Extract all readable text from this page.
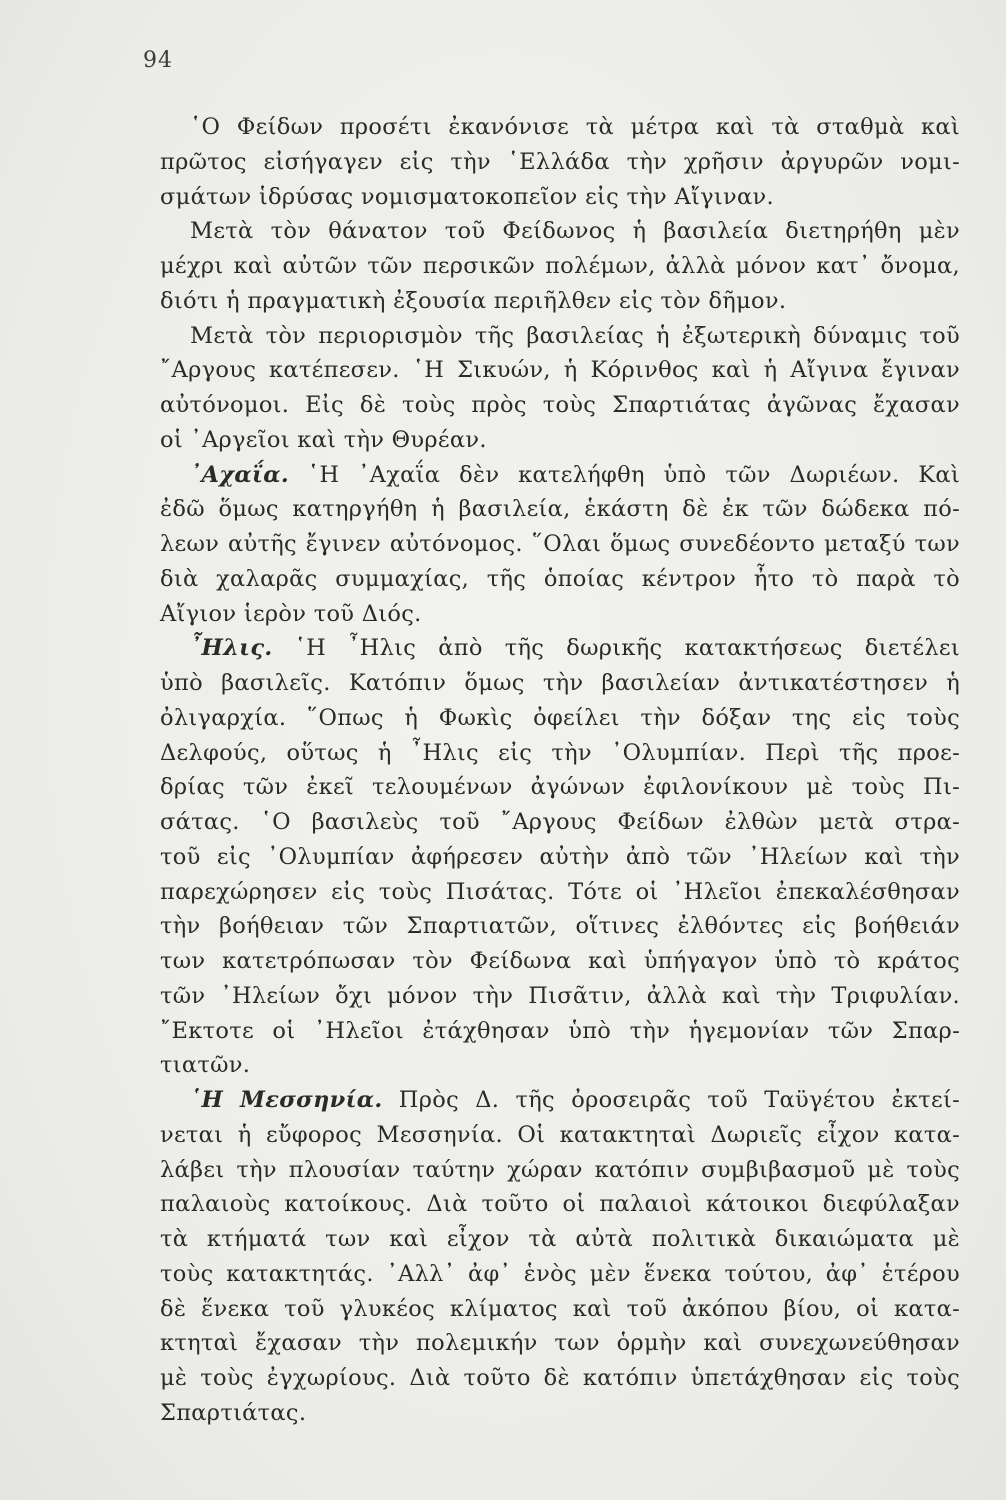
94
῾Ο Φείδων προσέτι ἐκανόνισε τὰ μέτρα καὶ τὰ σταθμὰ καὶ
πρῶτος εἰσήγαγεν εἰς τὴν ῾Ελλάδα τὴν χρῆσιν ἀργυρῶν νομι-
σμάτων ἱδρύσας νομισματοκοπεῖον εἰς τὴν Αἴγιναν.
Μετὰ τὸν θάνατον τοῦ Φείδωνος ἡ βασιλεία διετηρήθη μὲν
μέχρι καὶ αὐτῶν τῶν περσικῶν πολέμων, ἀλλὰ μόνον κατ᾽ ὄνομα,
διότι ἡ πραγματικὴ ἐξουσία περιῆλθεν εἰς τὸν δῆμον.
Μετὰ τὸν περιορισμὸν τῆς βασιλείας ἡ ἐξωτερικὴ δύναμις τοῦ
῎Αργους κατέπεσεν. ῾Η Σικυών, ἡ Κόρινθος καὶ ἡ Αἴγινα ἔγιναν
αὐτόνομοι. Εἰς δὲ τοὺς πρὸς τοὺς Σπαρτιάτας ἀγῶνας ἔχασαν
οἱ ᾿Αργεῖοι καὶ τὴν Θυρέαν.
᾿Αχαΐα. ῾Η ᾿Αχαΐα δὲν κατελήφθη ὑπὸ τῶν Δωριέων. Καὶ
ἐδῶ ὅμως κατηργήθη ἡ βασιλεία, ἑκάστη δὲ ἐκ τῶν δώδεκα πό-
λεων αὐτῆς ἔγινεν αὐτόνομος. ῞Ολαι ὅμως συνεδέοντο μεταξύ των
διὰ χαλαρᾶς συμμαχίας, τῆς ὁποίας κέντρον ἦτο τὸ παρὰ τὸ
Αἴγιον ἱερὸν τοῦ Διός.
῏Ηλις. ῾Η ῏Ηλις ἀπὸ τῆς δωρικῆς κατακτήσεως διετέλει
ὑπὸ βασιλεῖς. Κατόπιν ὅμως τὴν βασιλείαν ἀντικατέστησεν ἡ
ὀλιγαρχία. ῞Οπως ἡ Φωκὶς ὀφείλει τὴν δόξαν της εἰς τοὺς
Δελφούς, οὕτως ἡ ῏Ηλις εἰς τὴν ᾿Ολυμπίαν. Περὶ τῆς προε-
δρίας τῶν ἐκεῖ τελουμένων ἀγώνων ἐφιλονίκουν μὲ τοὺς Πι-
σάτας. ῾Ο βασιλεὺς τοῦ ῎Αργους Φείδων ἐλθὼν μετὰ στρα-
τοῦ εἰς ᾿Ολυμπίαν ἀφήρεσεν αὐτὴν ἀπὸ τῶν ᾿Ηλείων καὶ τὴν
παρεχώρησεν εἰς τοὺς Πισάτας. Τότε οἱ ᾿Ηλεῖοι ἐπεκαλέσθησαν
τὴν βοήθειαν τῶν Σπαρτιατῶν, οἵτινες ἐλθόντες εἰς βοήθειάν
των κατετρόπωσαν τὸν Φείδωνα καὶ ὑπήγαγον ὑπὸ τὸ κράτος
τῶν ᾿Ηλείων ὄχι μόνον τὴν Πισᾶτιν, ἀλλὰ καὶ τὴν Τριφυλίαν.
῎Εκτοτε οἱ ᾿Ηλεῖοι ἐτάχθησαν ὑπὸ τὴν ἡγεμονίαν τῶν Σπαρ-
τιατῶν.
῾Η Μεσσηνία. Πρὸς Δ. τῆς ὀροσειρᾶς τοῦ Ταϋγέτου ἐκτεί-
νεται ἡ εὔφορος Μεσσηνία. Οἱ κατακτηταὶ Δωριεῖς εἶχον κατα-
λάβει τὴν πλουσίαν ταύτην χώραν κατόπιν συμβιβασμοῦ μὲ τοὺς
παλαιοὺς κατοίκους. Διὰ τοῦτο οἱ παλαιοὶ κάτοικοι διεφύλαξαν
τὰ κτήματά των καὶ εἶχον τὰ αὐτὰ πολιτικὰ δικαιώματα μὲ
τοὺς κατακτητάς. ᾿Αλλ᾽ ἀφ᾽ ἑνὸς μὲν ἕνεκα τούτου, ἀφ᾽ ἑτέρου
δὲ ἕνεκα τοῦ γλυκέος κλίματος καὶ τοῦ ἀκόπου βίου, οἱ κατα-
κτηταὶ ἔχασαν τὴν πολεμικήν των ὁρμὴν καὶ συνεχωνεύθησαν
μὲ τοὺς ἐγχωρίους. Διὰ τοῦτο δὲ κατόπιν ὑπετάχθησαν εἰς τοὺς
Σπαρτιάτας.
